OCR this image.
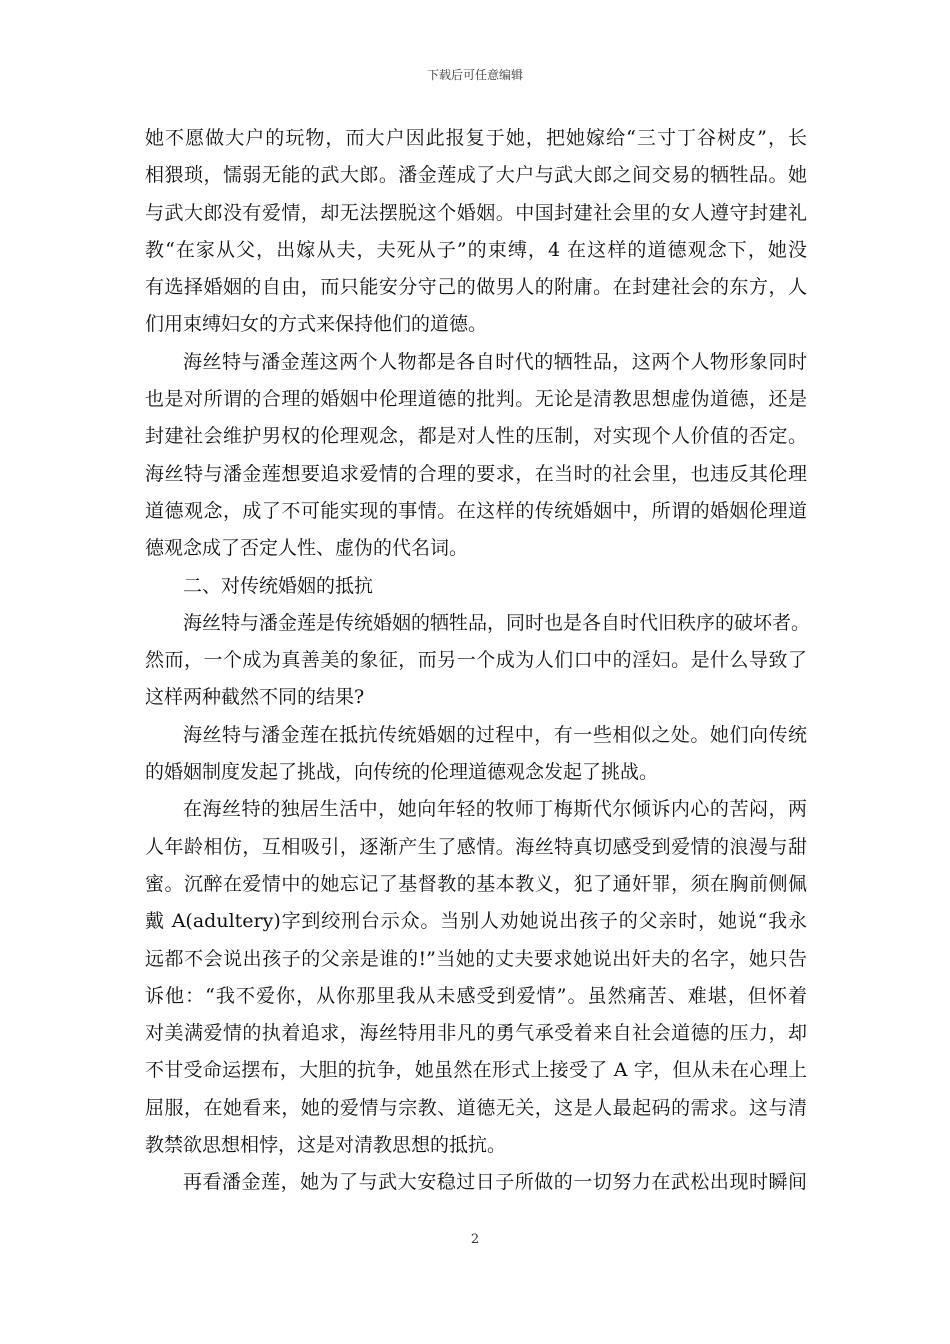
下载后可任意编辑
她不愿做大户的玩物，而大户因此报复于她，把她嫁给“三寸丁谷树皮”，长
相猥琐，懦弱无能的武大郎。潘金莲成了大户与武大郎之间交易的牺牲品。她
与武大郎没有爱情，却无法摆脱这个婚姻。中国封建社会里的女人遵守封建礼
教“在家从父，出嫁从夫，夫死从子”的束缚，4 在这样的道德观念下，她没
有选择婚姻的自由，而只能安分守己的做男人的附庸。在封建社会的东方，人
们用束缚妇女的方式来保持他们的道德。
海丝特与潘金莲这两个人物都是各自时代的牺牲品，这两个人物形象同时
也是对所谓的合理的婚姻中伦理道德的批判。无论是清教思想虚伪道德，还是
封建社会维护男权的伦理观念，都是对人性的压制，对实现个人价值的否定。
海丝特与潘金莲想要追求爱情的合理的要求，在当时的社会里，也违反其伦理
道德观念，成了不可能实现的事情。在这样的传统婚姻中，所谓的婚姻伦理道
德观念成了否定人性、虚伪的代名词。
二、对传统婚姻的抵抗
海丝特与潘金莲是传统婚姻的牺牲品，同时也是各自时代旧秩序的破坏者。
然而，一个成为真善美的象征，而另一个成为人们口中的淫妇。是什么导致了
这样两种截然不同的结果?
海丝特与潘金莲在抵抗传统婚姻的过程中，有一些相似之处。她们向传统
的婚姻制度发起了挑战，向传统的伦理道德观念发起了挑战。
在海丝特的独居生活中，她向年轻的牧师丁梅斯代尔倾诉内心的苦闷，两
人年龄相仿，互相吸引，逐渐产生了感情。海丝特真切感受到爱情的浪漫与甜
蜜。沉醉在爱情中的她忘记了基督教的基本教义，犯了通奸罪，须在胸前侧佩
戴 A(adultery)字到绞刑台示众。当别人劝她说出孩子的父亲时，她说“我永
远都不会说出孩子的父亲是谁的!”当她的丈夫要求她说出奸夫的名字，她只告
诉他：“我不爱你，从你那里我从未感受到爱情”。虽然痛苦、难堪，但怀着
对美满爱情的执着追求，海丝特用非凡的勇气承受着来自社会道德的压力，却
不甘受命运摆布，大胆的抗争，她虽然在形式上接受了 A 字，但从未在心理上
屈服，在她看来，她的爱情与宗教、道德无关，这是人最起码的需求。这与清
教禁欲思想相悖，这是对清教思想的抵抗。
再看潘金莲，她为了与武大安稳过日子所做的一切努力在武松出现时瞬间
2
